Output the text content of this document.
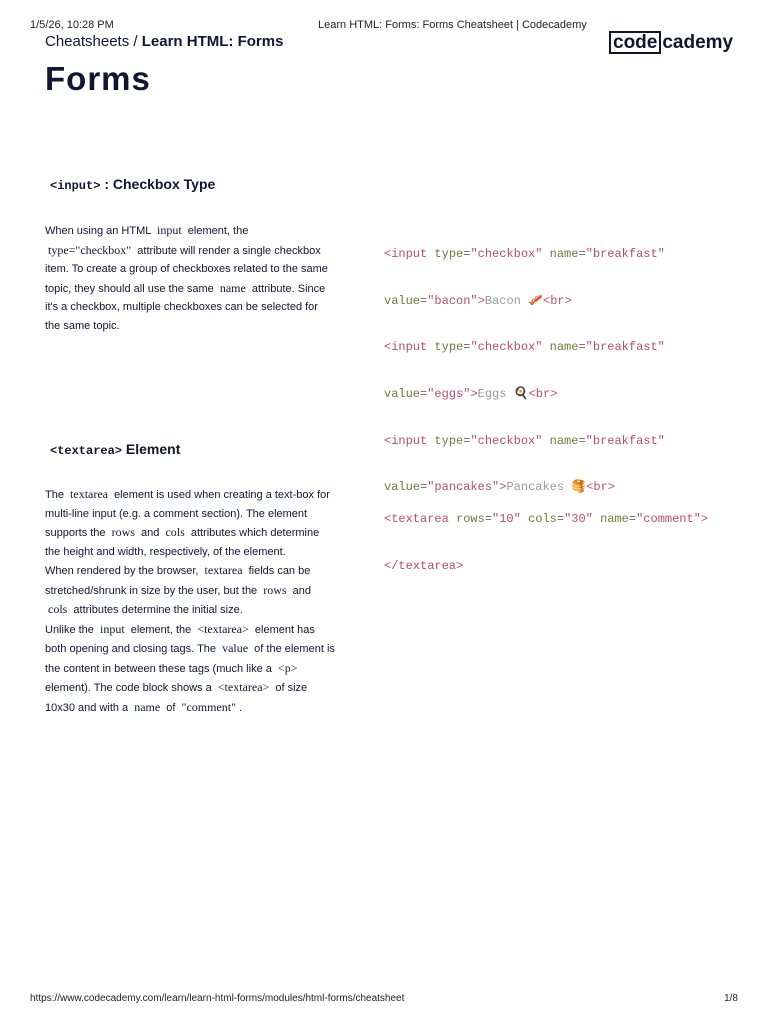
1/5/26, 10:28 PM	Learn HTML: Forms: Forms Cheatsheet | Codecademy
Cheatsheets / Learn HTML: Forms	code cademy
Forms
<input> : Checkbox Type

When using an HTML input element, the type="checkbox" attribute will render a single checkbox item. To create a group of checkboxes related to the same topic, they should all use the same name attribute. Since it's a checkbox, multiple checkboxes can be selected for the same topic.

<input type="checkbox" name="breakfast"

value="bacon">Bacon 🥓<br>

<input type="checkbox" name="breakfast"

value="eggs">Eggs 🍳<br>

<input type="checkbox" name="breakfast"

value="pancakes">Pancakes 🥞<br>

<textarea> Element

The textarea element is used when creating a text-box for multi-line input (e.g. a comment section). The element supports the rows and cols attributes which determine the height and width, respectively, of the element.

When rendered by the browser, textarea fields can be stretched/shrunk in size by the user, but the rows and cols attributes determine the initial size.

Unlike the input element, the <textarea> element has both opening and closing tags. The value of the element is the content in between these tags (much like a <p> element). The code block shows a <textarea> of size 10x30 and with a name of "comment" .

<textarea rows="10" cols="30" name="comment">

</textarea>

https://www.codecademy.com/learn/learn-html-forms/modules/html-forms/cheatsheet	1/8
